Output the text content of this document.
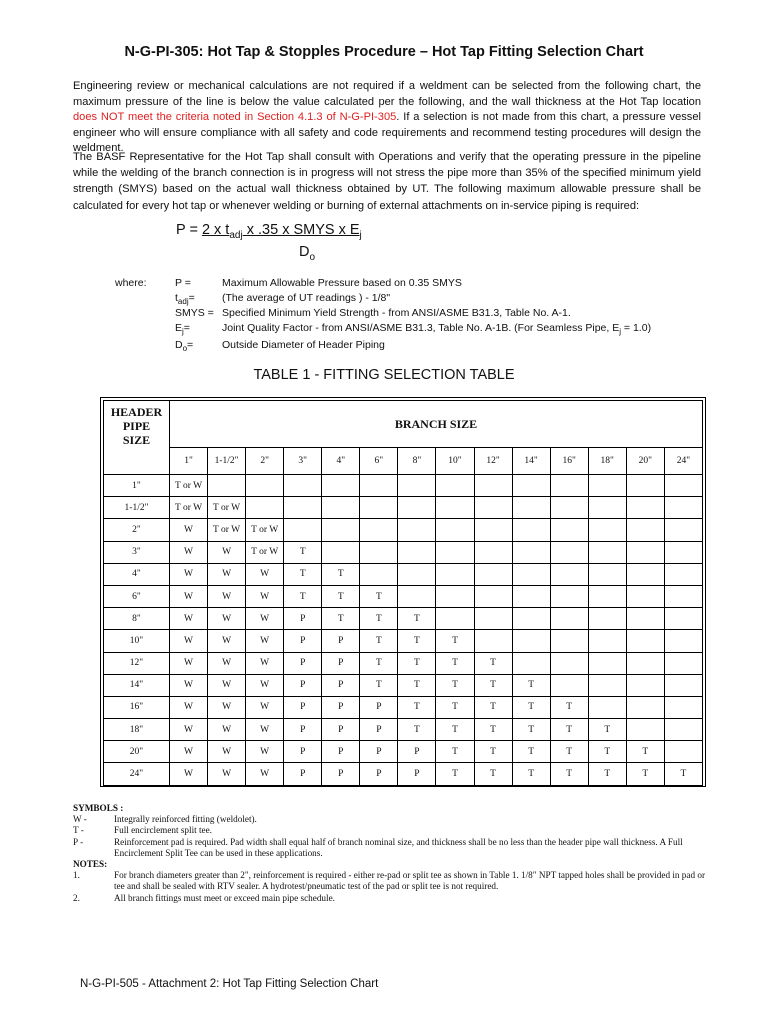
N-G-PI-305: Hot Tap & Stopples Procedure – Hot Tap Fitting Selection Chart
Engineering review or mechanical calculations are not required if a weldment can be selected from the following chart, the maximum pressure of the line is below the value calculated per the following, and the wall thickness at the Hot Tap location does NOT meet the criteria noted in Section 4.1.3 of N-G-PI-305. If a selection is not made from this chart, a pressure vessel engineer who will ensure compliance with all safety and code requirements and recommend testing procedures will design the weldment.
The BASF Representative for the Hot Tap shall consult with Operations and verify that the operating pressure in the pipeline while the welding of the branch connection is in progress will not stress the pipe more than 35% of the specified minimum yield strength (SMYS) based on the actual wall thickness obtained by UT. The following maximum allowable pressure shall be calculated for every hot tap or whenever welding or burning of external attachments on in-service piping is required:
P = 2 x $t_{adj}$ x .35 x SMYS x $E_j$
$D_o$
where:	P =	Maximum Allowable Pressure based on 0.35 SMYS
$t_{adj}=$	(The average of UT readings ) - 1/8"
SMYS = Specified Minimum Yield Strength - from ANSI/ASME B31.3, Table No. A-1.
$E_j=$	Joint Quality Factor - from ANSI/ASME B31.3, Table No. A-1B. (For Seamless Pipe, $E_j = 1.0$)
$D_o=$	Outside Diameter of Header Piping
TABLE 1 - FITTING SELECTION TABLE
HEADER
PIPE
SIZE	BRANCH SIZE													
	1"	1-1/2"	2"	3"	4"	6"	8"	10"	12"	14"	16"	18"	20"	24"
1"	T or W													
1-1/2"	T or W	T or W												
2"	W	T or W	T or W											
3"	W	W	T or W	T										
4"	W	W	W	T	T									
6"	W	W	W	T	T	T								
8"	W	W	W	P	T	T	T							
10"	W	W	W	P	P	T	T	T						
12"	W	W	W	P	P	T	T	T	T					
14"	W	W	W	P	P	T	T	T	T	T				
16"	W	W	W	P	P	P	T	T	T	T	T			
18"	W	W	W	P	P	P	T	T	T	T	T	T		
20"	W	W	W	P	P	P	P	T	T	T	T	T	T	
24"	W	W	W	P	P	P	P	T	T	T	T	T	T	T
SYMBOLS :
W -	Integrally reinforced fitting (weldolet).
T -	Full encirclement split tee.
P -	Reinforcement pad is required. Pad width shall equal half of branch nominal size, and thickness shall be no less than the header pipe wall thickness. A Full Encirclement Split Tee can be used in these applications.
NOTES:
1.	For branch diameters greater than 2", reinforcement is required - either re-pad or split tee as shown in Table 1. 1/8" NPT tapped holes shall be provided in pad or tee and shall be sealed with RTV sealer. A hydrotest/pneumatic test of the pad or split tee is not required.
2.	All branch fittings must meet or exceed main pipe schedule.
N-G-PI-505 - Attachment 2: Hot Tap Fitting Selection Chart
